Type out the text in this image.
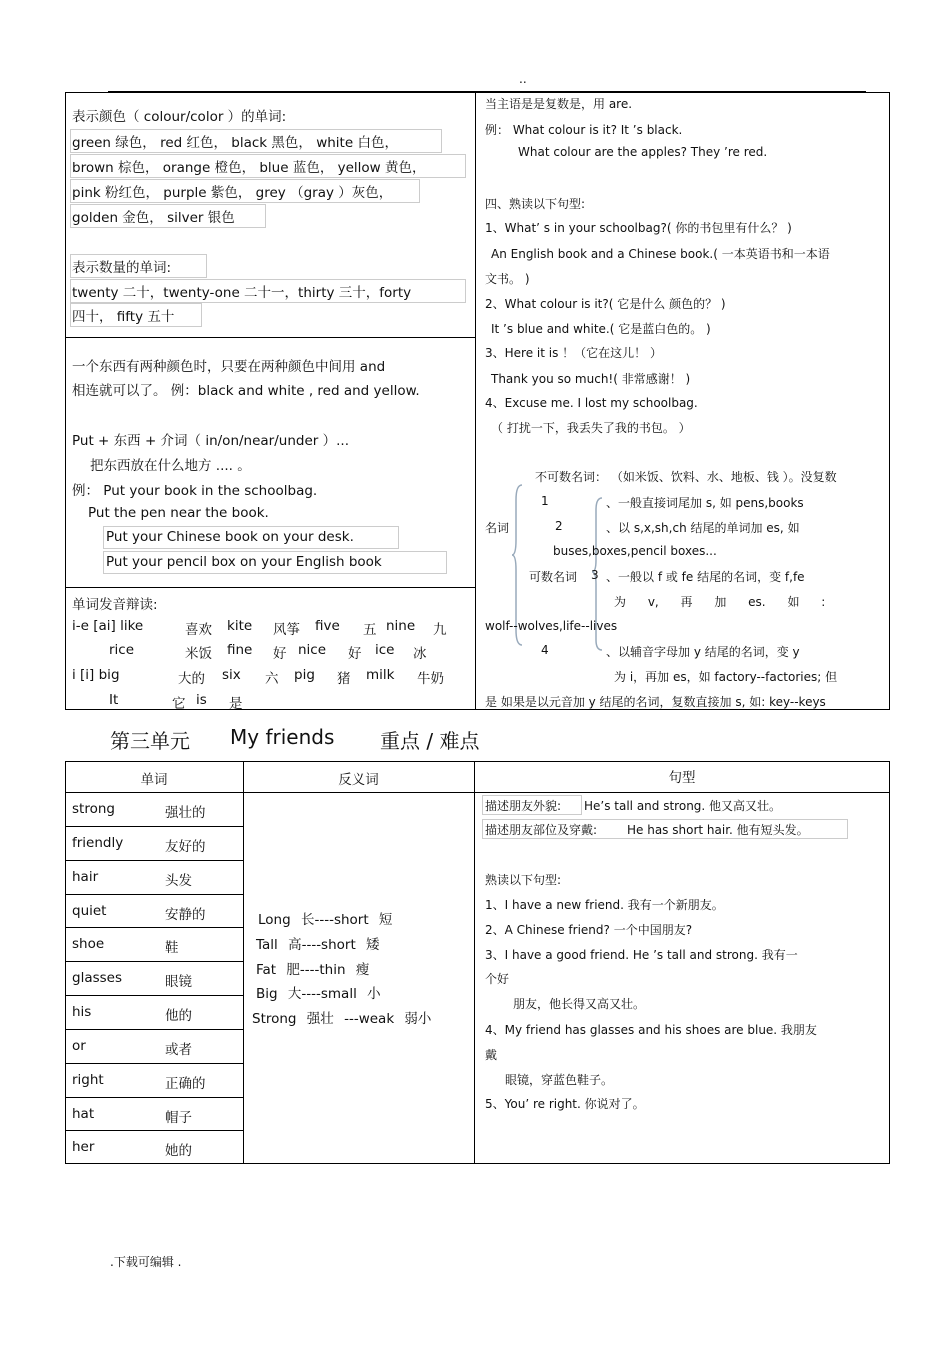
..
表示颜色（ colour/color ）的单词:
green 绿色， red 红色， black 黑色， white 白色，
brown 棕色， orange 橙色， blue 蓝色， yellow 黄色，
pink 粉红色， purple 紫色， grey （gray ）灰色，
golden 金色， silver 银色
表示数量的单词:
twenty 二十，twenty-one 二十一，thirty 三十，forty
四十， fifty 五十
一个东西有两种颜色时，只要在两种颜色中间用 and
相连就可以了。 例：black and white , red and yellow.
Put + 东西 + 介词（ in/on/near/under ）...
把东西放在什么地方 .... 。
例： Put your book in the schoolbag.
Put the pen near the book.
Put your Chinese book on your desk.
Put your pencil box on your English book
单词发音辩读:
i-e [ai] like	喜欢 kite 风筝 five 五 nine 九
rice	米饭 fine 好 nice 好 ice 冰
i [i] big	大的 six 六 pig 猪 milk 牛奶
It	它 is 是
当主语是是复数是，用 are.
例： What colour is it? It ’s black.
What colour are the apples? They ’re red.
四、熟读以下句型:
1、What’ s in your schoolbag?( 你的书包里有什么？ )
An English book and a Chinese book.( 一本英语书和一本语
文书。 )
2、What colour is it?( 它是什么 颜色的？ )
It ’s blue and white.( 它是蓝白色的。 )
3、Here it is ！（它在这儿！ ）
Thank you so much!( 非常感谢！ )
4、Excuse me. I lost my schoolbag.
（ 打扰一下，我丢失了我的书包。 ）
不可数名词： （如米饭、饮料、水、地板、钱 ）。没复数
名词
1	、一般直接词尾加 s, 如 pens,books
2	、以 s,x,sh,ch 结尾的单词加 es, 如
buses,boxes,pencil boxes...
可数名词 3 、一般以 f 或 fe 结尾的名词，变 f,fe
为 v, 再 加 es. 如 :
wolf--wolves,life--lives
4	、以辅音字母加 y 结尾的名词，变 y
为 i，再加 es，如 factory--factories; 但
是 如果是以元音加 y 结尾的名词，复数直接加 s, 如: key--keys
第三单元 My friends 重点 / 难点
单词	反义词	句型
strong	强壮的
friendly	友好的
hair	头发
quiet	安静的
shoe	鞋
glasses	眼镜
his	他的
or	或者
right	正确的
hat	帽子
her	她的
Long 长----short 短
Tall 高----short 矮
Fat 肥----thin 瘦
Big 大----small 小
Strong 强壮 ---weak 弱小
描述朋友外貌: He’s tall and strong. 他又高又壮。
描述朋友部位及穿戴: He has short hair. 他有短头发。
熟读以下句型:
1、I have a new friend. 我有一个新朋友。
2、A Chinese friend? 一个中国朋友?
3、I have a good friend. He ’s tall and strong. 我有一
个好
朋友，他长得又高又壮。
4、My friend has glasses and his shoes are blue. 我朋友
戴
眼镜，穿蓝色鞋子。
5、You’ re right. 你说对了。
.下载可编辑 .
